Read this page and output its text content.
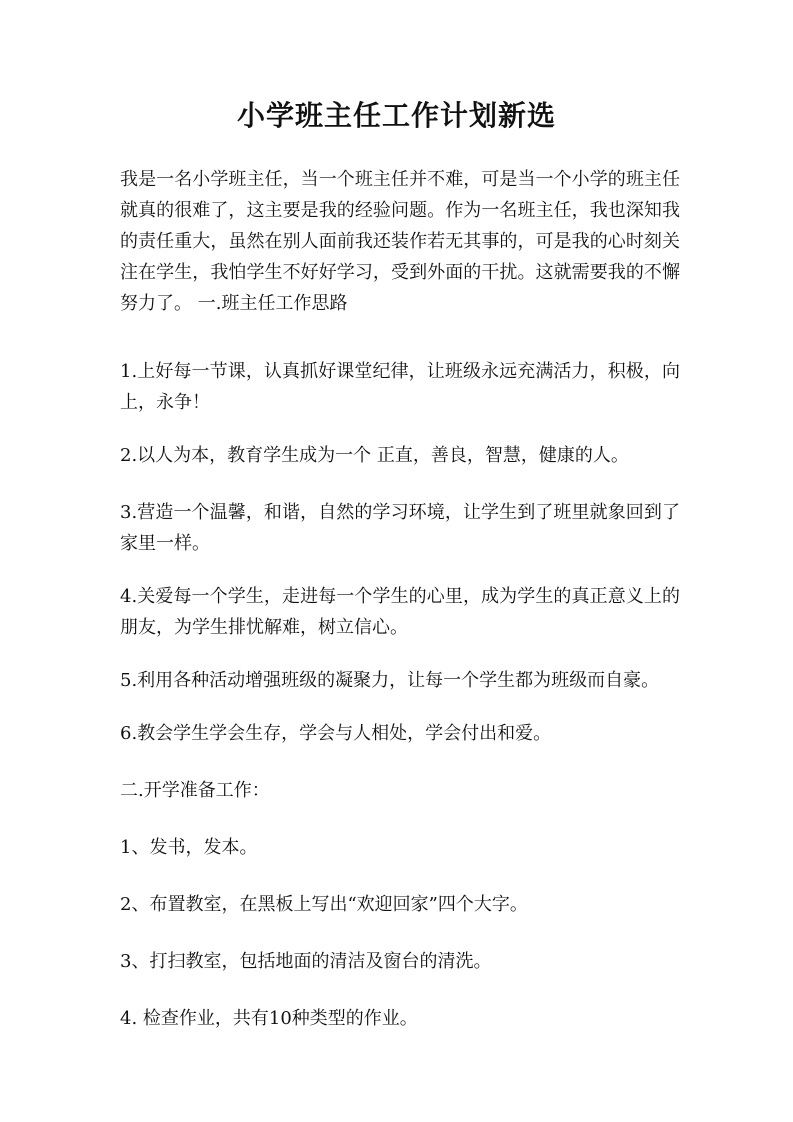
小学班主任工作计划新选

我是一名小学班主任，当一个班主任并不难，可是当一个小学的班主任就真的很难了，这主要是我的经验问题。作为一名班主任，我也深知我的责任重大，虽然在别人面前我还装作若无其事的，可是我的心时刻关注在学生，我怕学生不好好学习，受到外面的干扰。这就需要我的不懈努力了。 一.班主任工作思路

1.上好每一节课，认真抓好课堂纪律，让班级永远充满活力，积极，向上，永争！
2.以人为本，教育学生成为一个 正直，善良，智慧，健康的人。
3.营造一个温馨，和谐，自然的学习环境，让学生到了班里就象回到了家里一样。
4.关爱每一个学生，走进每一个学生的心里，成为学生的真正意义上的朋友，为学生排忧解难，树立信心。
5.利用各种活动增强班级的凝聚力，让每一个学生都为班级而自豪。
6.教会学生学会生存，学会与人相处，学会付出和爱。
二.开学准备工作：
1、发书，发本。
2、布置教室，在黑板上写出“欢迎回家”四个大字。
3、打扫教室，包括地面的清洁及窗台的清洗。
4. 检查作业，共有10种类型的作业。
